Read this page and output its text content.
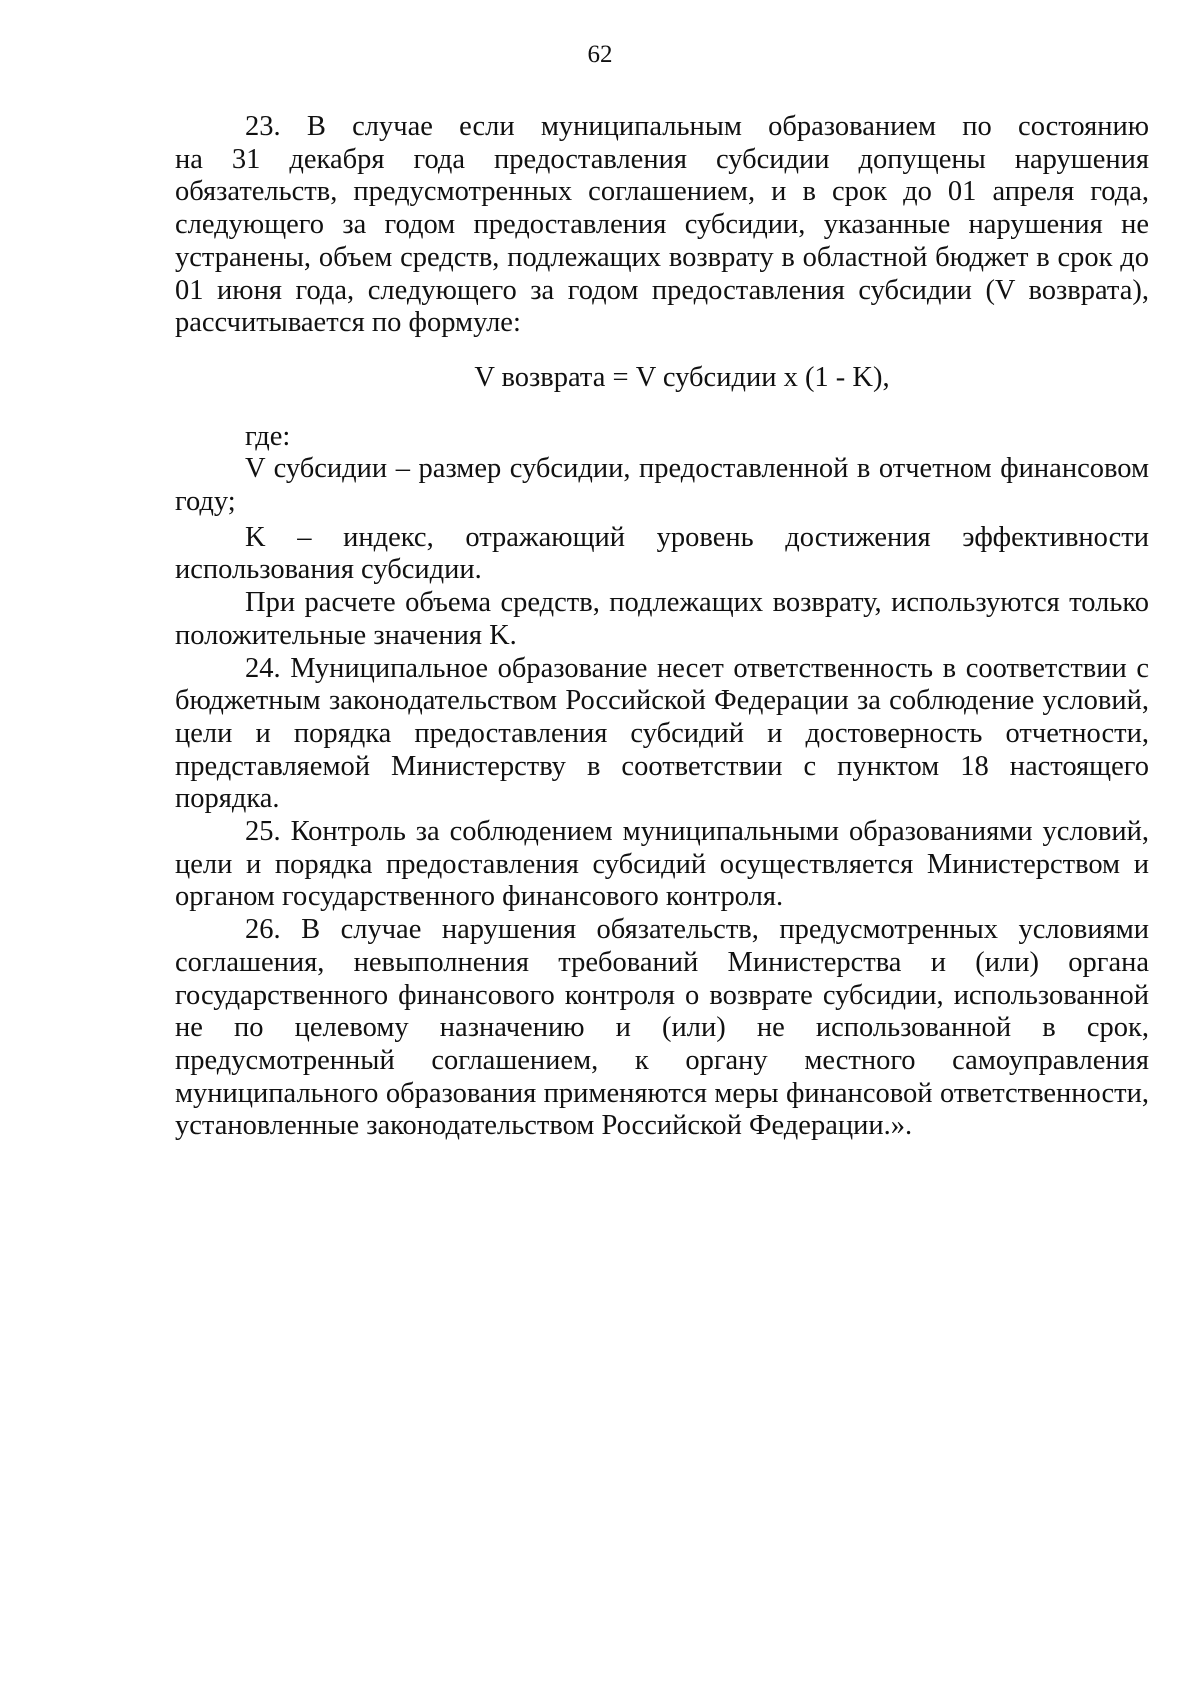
62

23. В случае если муниципальным образованием по состоянию

на 31 декабря года предоставления субсидии допущены нарушения обязательств, предусмотренных соглашением, и в срок до 01 апреля года, следующего за годом предоставления субсидии, указанные нарушения не устранены, объем средств, подлежащих возврату в областной бюджет в срок до 01 июня года, следующего за годом предоставления субсидии (V возврата), рассчитывается по формуле:

V возврата = V субсидии х (1 - K),

где:

V субсидии – размер субсидии, предоставленной в отчетном финансовом году;

K – индекс, отражающий уровень достижения эффективности использования субсидии.

При расчете объема средств, подлежащих возврату, используются только положительные значения K.

24. Муниципальное образование несет ответственность в соответствии с бюджетным законодательством Российской Федерации за соблюдение условий, цели и порядка предоставления субсидий и достоверность отчетности, представляемой Министерству в соответствии с пунктом 18 настоящего порядка.

25. Контроль за соблюдением муниципальными образованиями условий, цели и порядка предоставления субсидий осуществляется Министерством и органом государственного финансового контроля.

26. В случае нарушения обязательств, предусмотренных условиями соглашения, невыполнения требований Министерства и (или) органа государственного финансового контроля о возврате субсидии, использованной не по целевому назначению и (или) не использованной в срок, предусмотренный соглашением, к органу местного самоуправления муниципального образования применяются меры финансовой ответственности, установленные законодательством Российской Федерации.».
